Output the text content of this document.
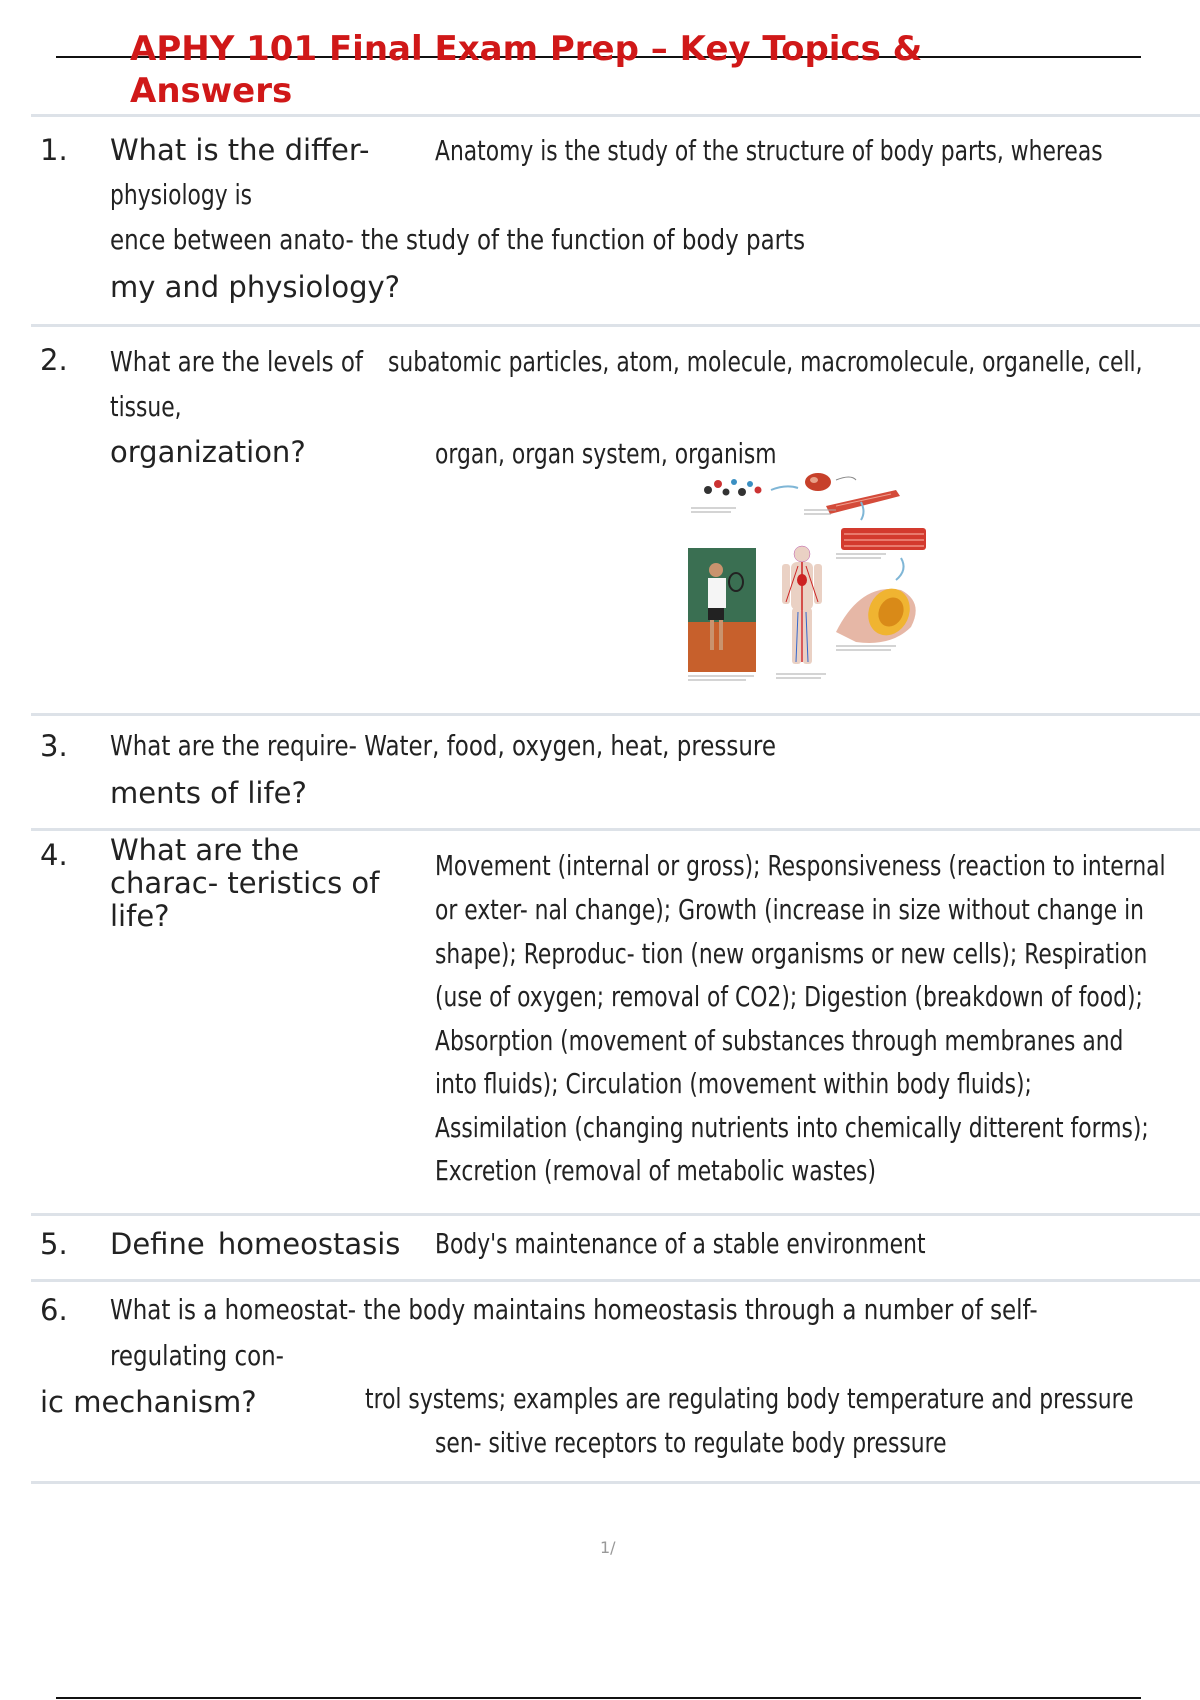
APHY 101 Final Exam Prep – Key Topics &
Answers
1. What is the differ- Anatomy is the study of the structure of body parts, whereas
physiology is
ence between anato- the study of the function of body parts
my and physiology?
2. What are the levels of subatomic particles, atom, molecule, macromolecule, organelle, cell,
tissue,
organization?	organ, organ system, organism
3. What are the require- Water, food, oxygen, heat, pressure
ments of life?
4. What are the
charac- teristics of
life?
Movement (internal or gross); Responsiveness (reaction to internal
or exter- nal change); Growth (increase in size without change in
shape); Reproduc- tion (new organisms or new cells); Respiration
(use of oxygen; removal of CO2); Digestion (breakdown of food);
Absorption (movement of substances through membranes and
into fluids); Circulation (movement within body fluids);
Assimilation (changing nutrients into chemically ditterent forms);
Excretion (removal of metabolic wastes)
5. Define homeostasis Body's maintenance of a stable environment
6. What is a homeostat- the body maintains homeostasis through a number of self-
regulating con-
ic mechanism?	trol systems; examples are regulating body temperature and pressure
sen- sitive receptors to regulate body pressure
1/
